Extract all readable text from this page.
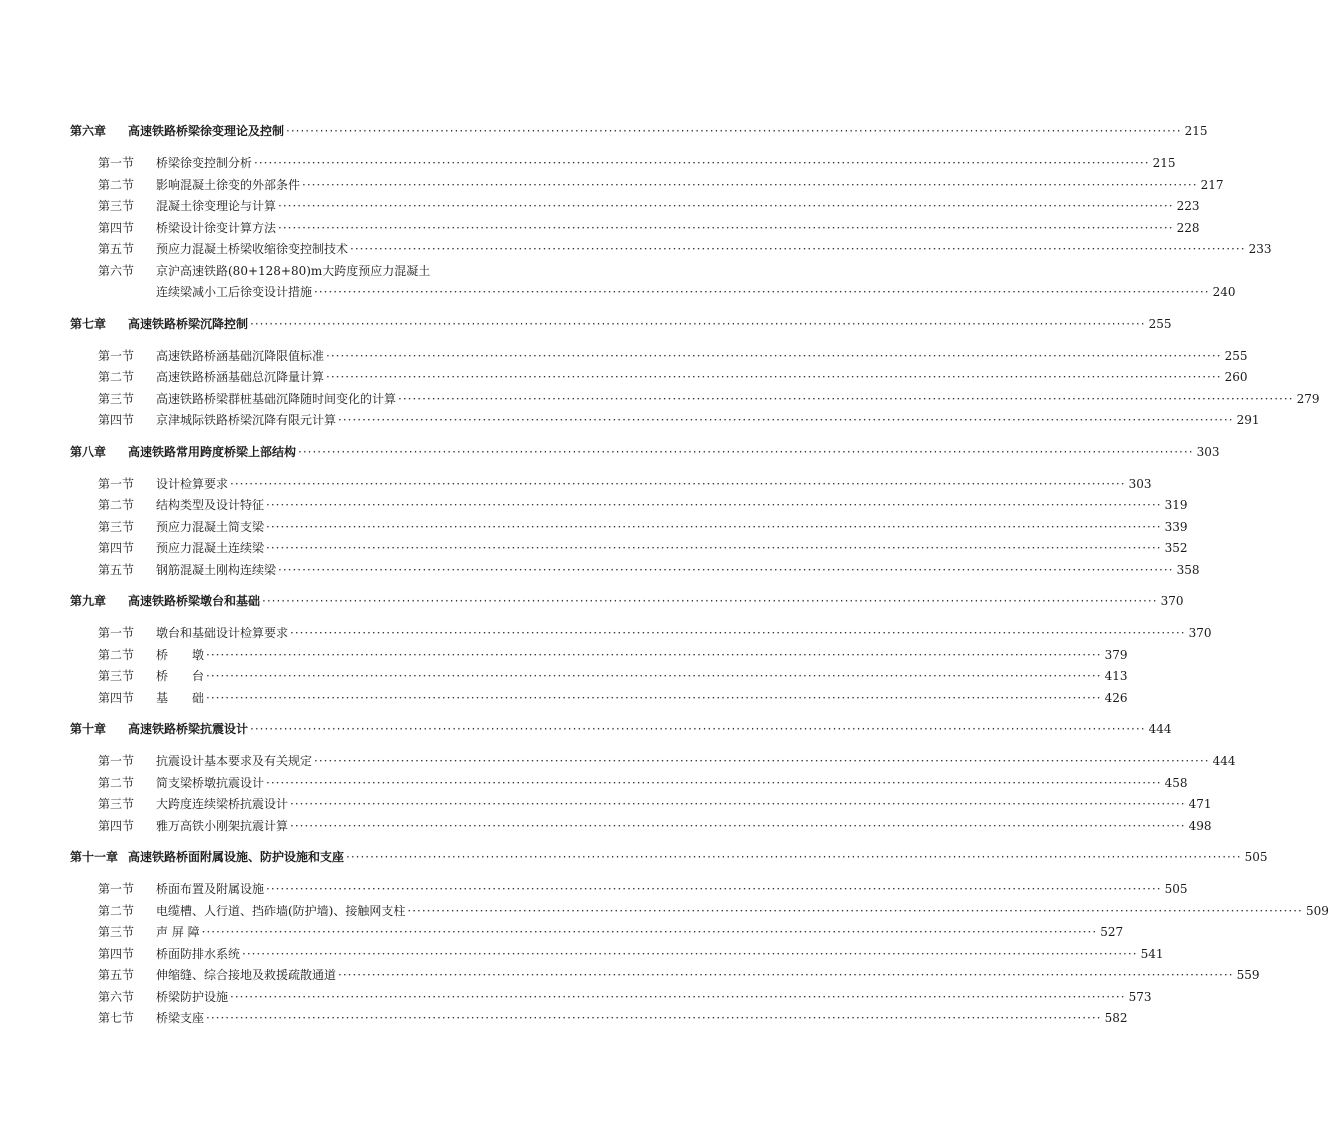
第六章	高速铁路桥梁徐变理论及控制 ·····	215
第一节	桥梁徐变控制分析 ·····	215
第二节	影响混凝土徐变的外部条件 ·····	217
第三节	混凝土徐变理论与计算 ·····	223
第四节	桥梁设计徐变计算方法 ·····	228
第五节	预应力混凝土桥梁收缩徐变控制技术 ·····	233
第六节	京沪高速铁路(80+128+80)m大跨度预应力混凝土
连续梁减小工后徐变设计措施 ·····	240
第七章	高速铁路桥梁沉降控制 ·····	255
第一节	高速铁路桥涵基础沉降限值标准 ·····	255
第二节	高速铁路桥涵基础总沉降量计算 ·····	260
第三节	高速铁路桥梁群桩基础沉降随时间变化的计算 ·····	279
第四节	京津城际铁路桥梁沉降有限元计算 ·····	291
第八章	高速铁路常用跨度桥梁上部结构 ·····	303
第一节	设计检算要求 ·····	303
第二节	结构类型及设计特征 ·····	319
第三节	预应力混凝土简支梁 ·····	339
第四节	预应力混凝土连续梁 ·····	352
第五节	钢筋混凝土刚构连续梁 ·····	358
第九章	高速铁路桥梁墩台和基础 ·····	370
第一节	墩台和基础设计检算要求 ·····	370
第二节	桥　　墩 ·····	379
第三节	桥　　台 ·····	413
第四节	基　　础 ·····	426
第十章	高速铁路桥梁抗震设计 ·····	444
第一节	抗震设计基本要求及有关规定 ·····	444
第二节	简支梁桥墩抗震设计 ·····	458
第三节	大跨度连续梁桥抗震设计 ·····	471
第四节	雅万高铁小刚架抗震计算 ·····	498
第十一章 高速铁路桥面附属设施、防护设施和支座 ·····	505
第一节	桥面布置及附属设施 ·····	505
第二节	电缆槽、人行道、挡砟墙(防护墙)、接触网支柱 ·····	509
第三节	声 屏 障 ·····	527
第四节	桥面防排水系统 ·····	541
第五节	伸缩缝、综合接地及救援疏散通道 ·····	559
第六节	桥梁防护设施 ·····	573
第七节	桥梁支座 ·····	582
